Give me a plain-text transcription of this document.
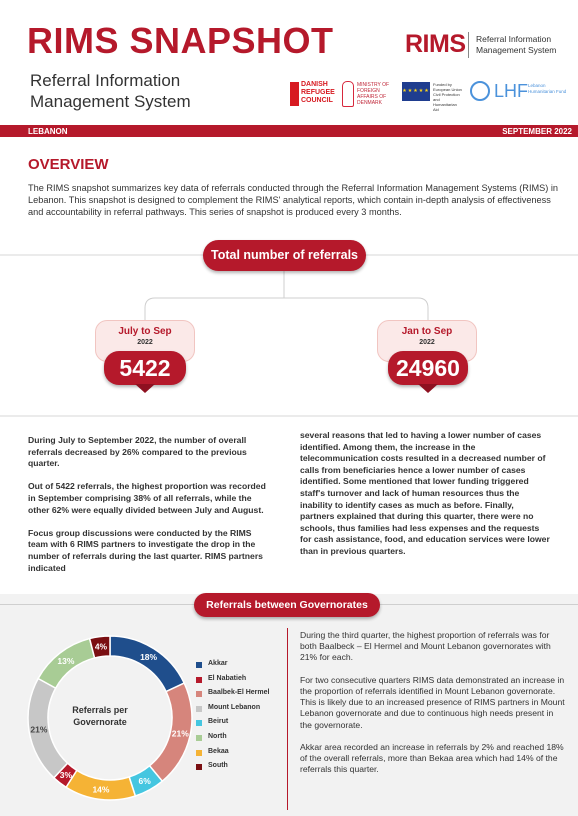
RIMS SNAPSHOT
Referral Information Management System
RIMS Referral Information Management System
DANISH REFUGEE COUNCIL
MINISTRY OF FOREIGN AFFAIRS OF DENMARK
★★★★★
Funded by European Union Civil Protection and Humanitarian Aid
LHF Lebanon Humanitarian Fund
LEBANON	SEPTEMBER 2022
OVERVIEW
The RIMS snapshot summarizes key data of referrals conducted through the Referral Information Management Systems (RIMS) in Lebanon. This snapshot is designed to complement the RIMS' analytical reports, which contain in-depth analysis of effectiveness and accountability in referral pathways. This series of snapshot is produced every 3 months.
Total number of referrals
July to Sep
2022
5422
Jan to Sep
2022
24960

During July to September 2022, the number of overall referrals decreased by 26% compared to the previous quarter.

Out of 5422 referrals, the highest proportion was recorded in September comprising 38% of all referrals, while the other 62% were equally divided between July and August.

Focus group discussions were conducted by the RIMS team with 6 RIMS partners to investigate the drop in the number of referrals during the last quarter. RIMS partners indicated

several reasons that led to having a lower number of cases identified. Among them, the increase in the telecommunication costs resulted in a decreased number of calls from beneficiaries hence a lower number of cases identified. Some mentioned that lower funding triggered staff's turnover and lack of human resources thus the inability to identify cases as much as before. Finally, partners explained that during this quarter, there were no schools, thus families had less expenses and the requests for cash assistance, food, and education services were lower than in previous quarters.
Referrals between Governorates
18%
21%
6%
14%
3%
21%
13%
4%
Referrals per Governorate
Akkar
El Nabatieh
Baalbek-El Hermel
Mount Lebanon
Beirut
North
Bekaa
South

During the third quarter, the highest proportion of referrals was for both Baalbeck – El Hermel and Mount Lebanon governorates with 21% for each.

For two consecutive quarters RIMS data demonstrated an increase in the proportion of referrals identified in Mount Lebanon governorate. This is likely due to an increased presence of RIMS partners in Mount Lebanon governorate and due to continuous high needs present in the governorate.

Akkar area recorded an increase in referrals by 2% and reached 18% of the overall referrals, more than Bekaa area which had 14% of the referrals this quarter.
